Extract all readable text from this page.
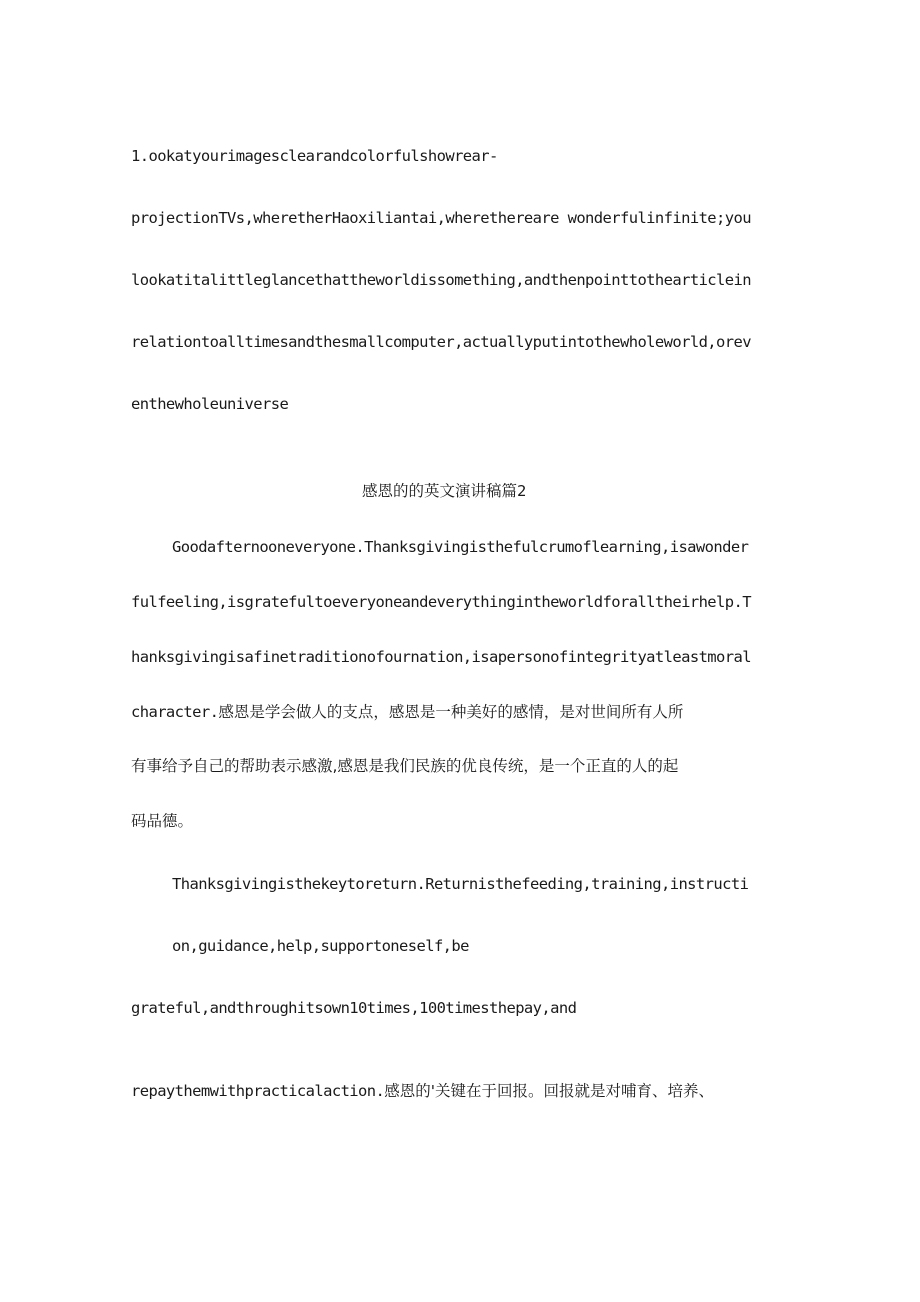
1.ookatyourimagesclearandcolorfulshowrear-
projectionTVs,wheretherHaoxiliantai,wherethereare wonderfulinfinite;you
lookatitalittleglancethattheworldissomething,andthenpointtothearticlein
relationtoalltimesandthesmallcomputer,actuallyputintothewholeworld,orev
enthewholeuniverse
感恩的的英文演讲稿篇2
Goodafternooneveryone.Thanksgivingisthefulcrumoflearning,isawonder
fulfeeling,isgratefultoeveryoneandeverythingintheworldforalltheirhelp.T
hanksgivingisafinetraditionofournation,isapersonofintegrityatleastmoral
character.感恩是学会做人的支点，感恩是一种美好的感情，是对世间所有人所
有事给予自己的帮助表示感激,感恩是我们民族的优良传统，是一个正直的人的起
码品德。
Thanksgivingisthekeytoreturn.Returnisthefeeding,training,instructi
on,guidance,help,supportoneself,be
grateful,andthroughitsown10times,100timesthepay,and
repaythemwithpracticalaction.感恩的'关键在于回报。回报就是对哺育、培养、
